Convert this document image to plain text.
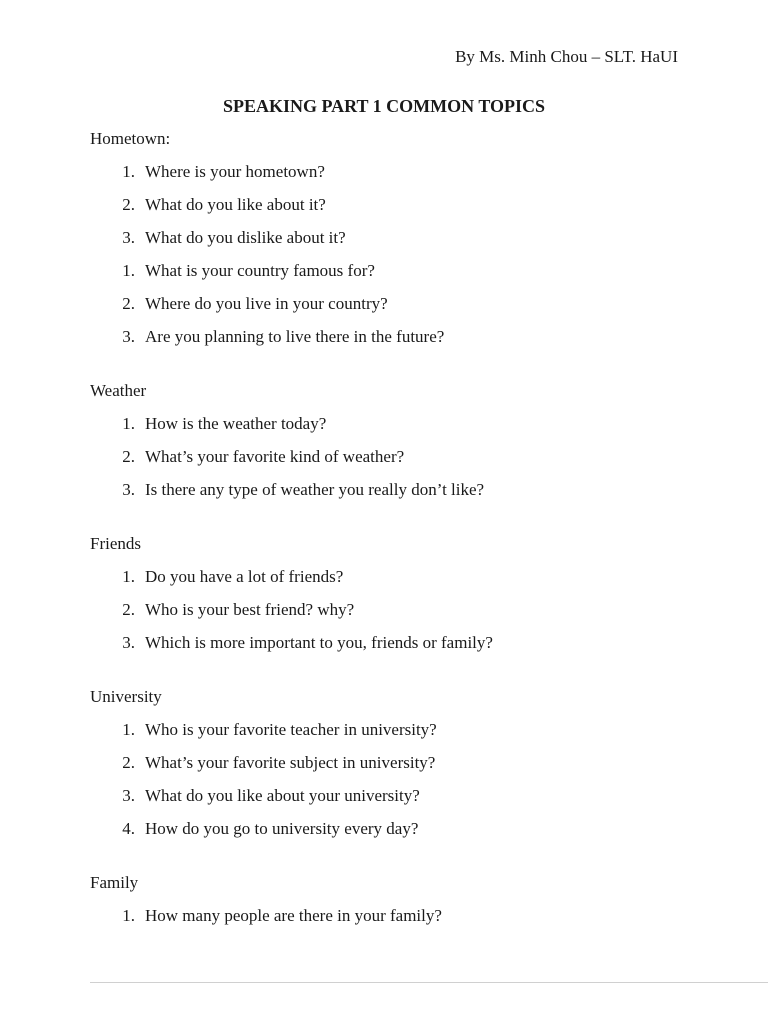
By Ms. Minh Chou – SLT. HaUI
SPEAKING PART 1 COMMON TOPICS

Hometown:

1. Where is your hometown?
2. What do you like about it?
3. What do you dislike about it?
1. What is your country famous for?
2. Where do you live in your country?
3. Are you planning to live there in the future?

Weather

1. How is the weather today?
2. What’s your favorite kind of weather?
3. Is there any type of weather you really don’t like?

Friends

1. Do you have a lot of friends?
2. Who is your best friend? why?
3. Which is more important to you, friends or family?

University

1. Who is your favorite teacher in university?
2. What’s your favorite subject in university?
3. What do you like about your university?
4. How do you go to university every day?

Family

1. How many people are there in your family?
